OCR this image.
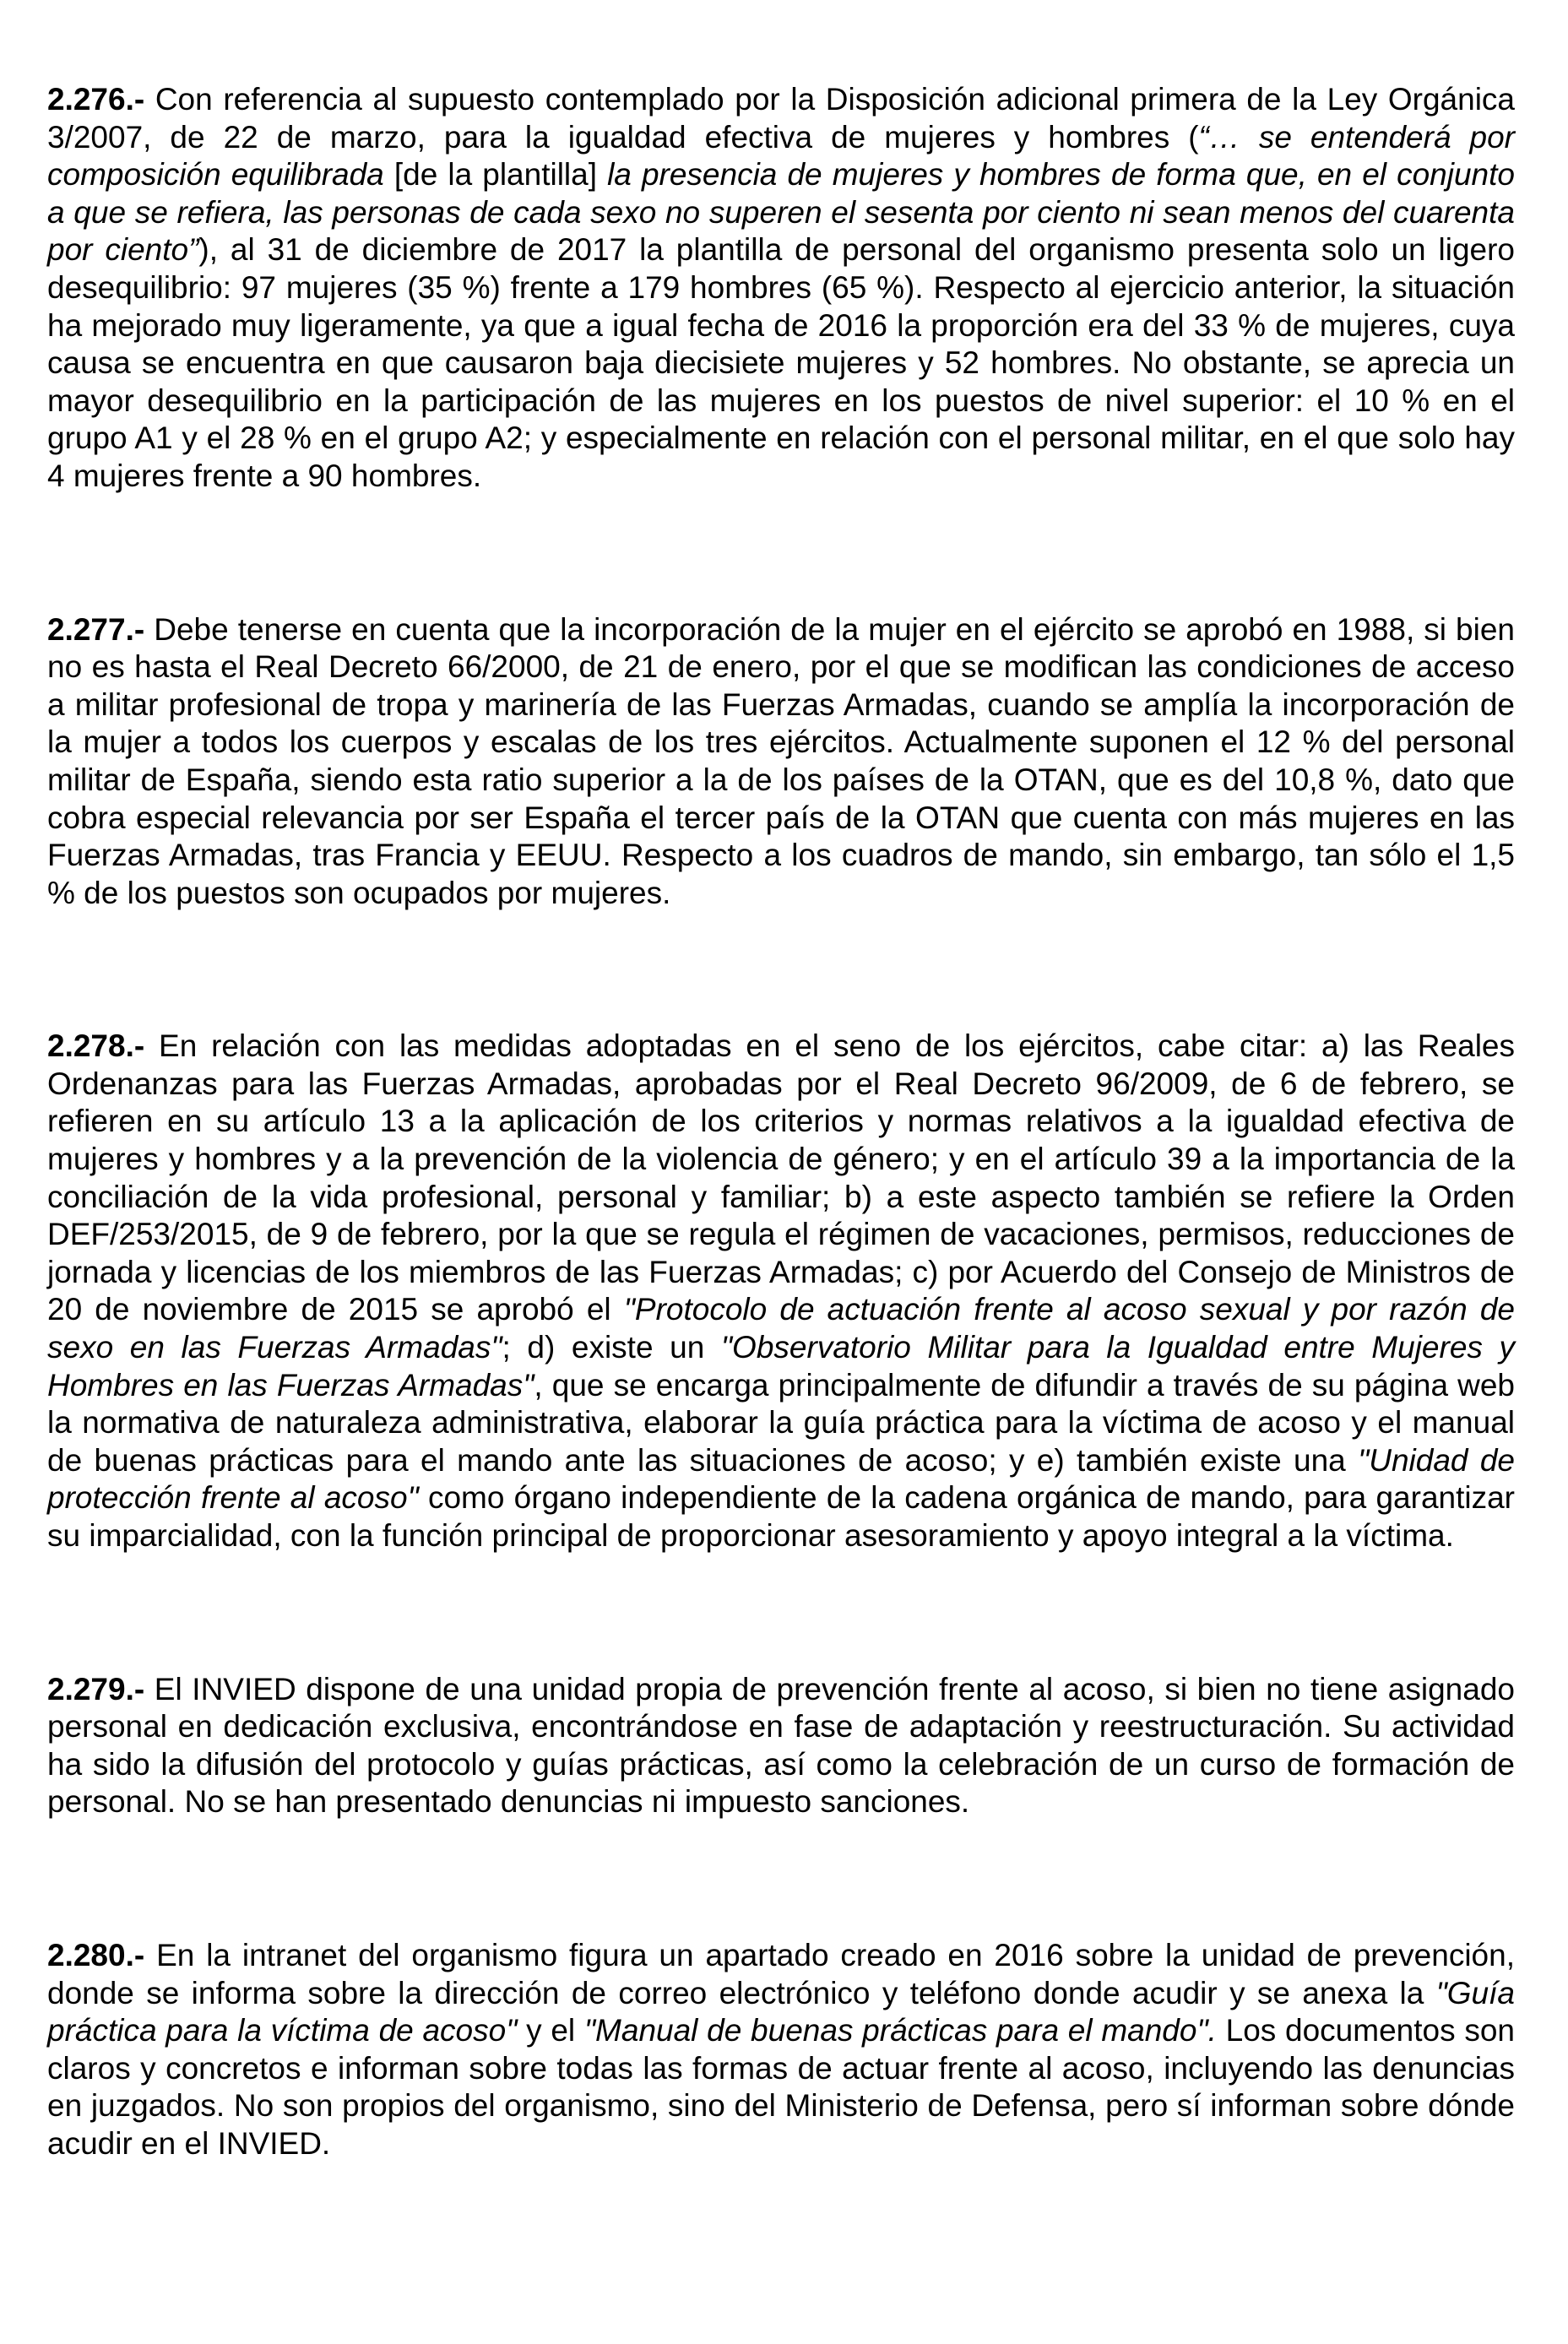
2.276.- Con referencia al supuesto contemplado por la Disposición adicional primera de la Ley Orgánica 3/2007, de 22 de marzo, para la igualdad efectiva de mujeres y hombres (“… se entenderá por composición equilibrada [de la plantilla] la presencia de mujeres y hombres de forma que, en el conjunto a que se refiera, las personas de cada sexo no superen el sesenta por ciento ni sean menos del cuarenta por ciento”), al 31 de diciembre de 2017 la plantilla de personal del organismo presenta solo un ligero desequilibrio: 97 mujeres (35 %) frente a 179 hombres (65 %). Respecto al ejercicio anterior, la situación ha mejorado muy ligeramente, ya que a igual fecha de 2016 la proporción era del 33 % de mujeres, cuya causa se encuentra en que causaron baja diecisiete mujeres y 52 hombres. No obstante, se aprecia un mayor desequilibrio en la participación de las mujeres en los puestos de nivel superior: el 10 % en el grupo A1 y el 28 % en el grupo A2; y especialmente en relación con el personal militar, en el que solo hay 4 mujeres frente a 90 hombres.

2.277.- Debe tenerse en cuenta que la incorporación de la mujer en el ejército se aprobó en 1988, si bien no es hasta el Real Decreto 66/2000, de 21 de enero, por el que se modifican las condiciones de acceso a militar profesional de tropa y marinería de las Fuerzas Armadas, cuando se amplía la incorporación de la mujer a todos los cuerpos y escalas de los tres ejércitos. Actualmente suponen el 12 % del personal militar de España, siendo esta ratio superior a la de los países de la OTAN, que es del 10,8 %, dato que cobra especial relevancia por ser España el tercer país de la OTAN que cuenta con más mujeres en las Fuerzas Armadas, tras Francia y EEUU. Respecto a los cuadros de mando, sin embargo, tan sólo el 1,5 % de los puestos son ocupados por mujeres.

2.278.- En relación con las medidas adoptadas en el seno de los ejércitos, cabe citar: a) las Reales Ordenanzas para las Fuerzas Armadas, aprobadas por el Real Decreto 96/2009, de 6 de febrero, se refieren en su artículo 13 a la aplicación de los criterios y normas relativos a la igualdad efectiva de mujeres y hombres y a la prevención de la violencia de género; y en el artículo 39 a la importancia de la conciliación de la vida profesional, personal y familiar; b) a este aspecto también se refiere la Orden DEF/253/2015, de 9 de febrero, por la que se regula el régimen de vacaciones, permisos, reducciones de jornada y licencias de los miembros de las Fuerzas Armadas; c) por Acuerdo del Consejo de Ministros de 20 de noviembre de 2015 se aprobó el "Protocolo de actuación frente al acoso sexual y por razón de sexo en las Fuerzas Armadas"; d) existe un "Observatorio Militar para la Igualdad entre Mujeres y Hombres en las Fuerzas Armadas", que se encarga principalmente de difundir a través de su página web la normativa de naturaleza administrativa, elaborar la guía práctica para la víctima de acoso y el manual de buenas prácticas para el mando ante las situaciones de acoso; y e) también existe una "Unidad de protección frente al acoso" como órgano independiente de la cadena orgánica de mando, para garantizar su imparcialidad, con la función principal de proporcionar asesoramiento y apoyo integral a la víctima.

2.279.- El INVIED dispone de una unidad propia de prevención frente al acoso, si bien no tiene asignado personal en dedicación exclusiva, encontrándose en fase de adaptación y reestructuración. Su actividad ha sido la difusión del protocolo y guías prácticas, así como la celebración de un curso de formación de personal. No se han presentado denuncias ni impuesto sanciones.

2.280.- En la intranet del organismo figura un apartado creado en 2016 sobre la unidad de prevención, donde se informa sobre la dirección de correo electrónico y teléfono donde acudir y se anexa la "Guía práctica para la víctima de acoso" y el "Manual de buenas prácticas para el mando". Los documentos son claros y concretos e informan sobre todas las formas de actuar frente al acoso, incluyendo las denuncias en juzgados. No son propios del organismo, sino del Ministerio de Defensa, pero sí informan sobre dónde acudir en el INVIED.
